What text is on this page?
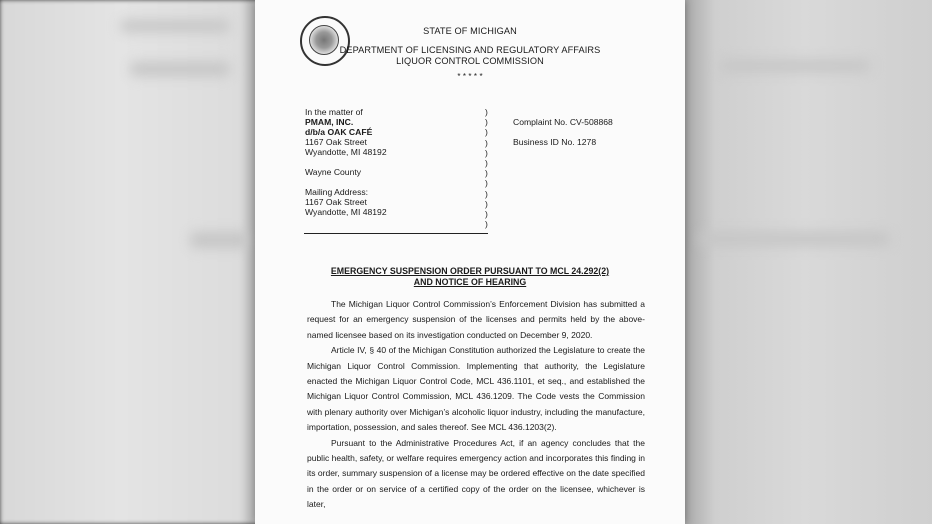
STATE OF MICHIGAN
DEPARTMENT OF LICENSING AND REGULATORY AFFAIRS
LIQUOR CONTROL COMMISSION
* * * * *
In the matter of
PMAM, INC.
d/b/a OAK CAFÉ
1167 Oak Street
Wyandotte, MI 48192
Wayne County
Mailing Address:
1167 Oak Street
Wyandotte, MI 48192
)
)
)
)
)
)
)
)
)
)
)
)
Complaint No. CV-508868
Business ID No. 1278
EMERGENCY SUSPENSION ORDER PURSUANT TO MCL 24.292(2)
AND NOTICE OF HEARING

The Michigan Liquor Control Commission’s Enforcement Division has submitted a request for an emergency suspension of the licenses and permits held by the above-named licensee based on its investigation conducted on December 9, 2020.

Article IV, § 40 of the Michigan Constitution authorized the Legislature to create the Michigan Liquor Control Commission. Implementing that authority, the Legislature enacted the Michigan Liquor Control Code, MCL 436.1101, et seq., and established the Michigan Liquor Control Commission, MCL 436.1209. The Code vests the Commission with plenary authority over Michigan’s alcoholic liquor industry, including the manufacture, importation, possession, and sales thereof. See MCL 436.1203(2).

Pursuant to the Administrative Procedures Act, if an agency concludes that the public health, safety, or welfare requires emergency action and incorporates this finding in its order, summary suspension of a license may be ordered effective on the date specified in the order or on service of a certified copy of the order on the licensee, whichever is later,
